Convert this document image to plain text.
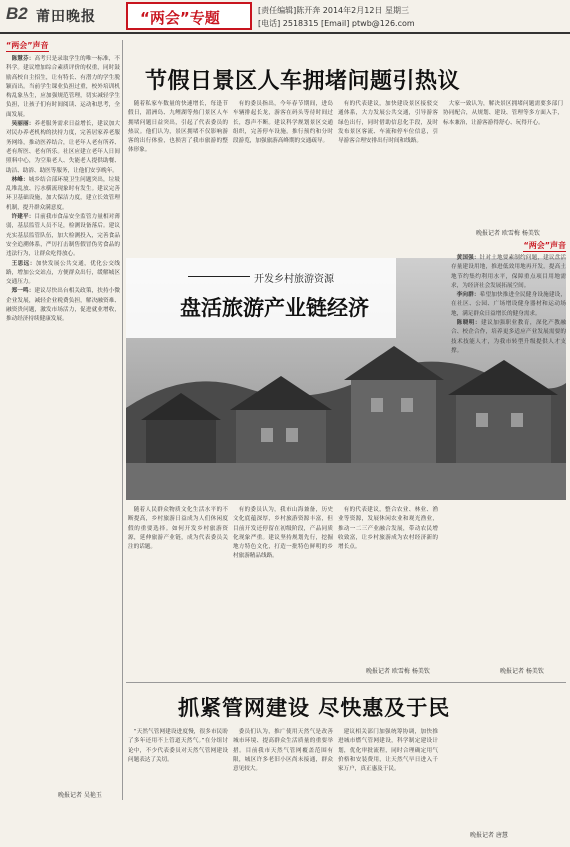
B2 莆田晚报	“两会”专题	[责任编辑]陈开奔 2014年2月12日 星期三
[电话] 2518315 [Email] ptwb@126.com
“两会”声音

陈慧芬：高考只是录取学生的唯一标准，不科学。建议增加综合素质评价的权重，同时鼓励高校自主招生，让有特长、有潜力的学生脱颖而出。当前学生课业负担过重，校外培训机构乱象丛生，应加强规范管理，切实减轻学生负担，让孩子们有时间阅读、运动和思考，全面发展。

吴丽丽：养老服务需求日益增长，建议加大对民办养老机构的扶持力度，完善居家养老服务网络，推动医养结合，让老年人老有所养、老有所医、老有所乐。社区应建立老年人日间照料中心，为空巢老人、失能老人提供助餐、助洁、助浴、助医等服务，让他们安享晚年。

林峰：城乡结合部环境卫生问题突出，垃圾乱堆乱放、污水横流现象时有发生。建议完善环卫基础设施，加大保洁力度，建立长效管理机制，提升群众满意度。

许建平：目前我市食品安全监管力量相对薄弱，基层监管人员不足，检测设备落后。建议充实基层监管队伍，加大检测投入，完善食品安全追溯体系，严厉打击制售假冒伪劣食品的违法行为，让群众吃得放心。

王思远：加快发展公共交通，优化公交线路，增加公交站点，方便群众出行，缓解城区交通压力。

郑一鸣：建议尽快出台相关政策，扶持小微企业发展，减轻企业税费负担，解决融资难、融资贵问题，激发市场活力，促进就业增收，推动经济持续健康发展。

晚报记者 吴艳玉
节假日景区人车拥堵问题引热议

随着私家车数量的快速增长，每逢节假日，湄洲岛、九鲤湖等热门景区人车拥堵问题日益突出，引起了代表委员的热议。他们认为，景区拥堵不仅影响游客的出行体验，也损害了我市旅游的整体形象。

有的委员指出，今年春节期间，进岛车辆排起长龙，游客在码头等待时间过长，怨声不断。建议科学规划景区交通组织，完善停车设施，推行预约和分时段游览，加强旅游高峰期的交通疏导。

有的代表建议，加快建设景区接驳交通体系，大力发展公共交通，引导游客绿色出行，同时借助信息化手段，及时发布景区客流、车流和停车位信息，引导游客合理安排出行时间和线路。

大家一致认为，解决景区拥堵问题需要多部门协同配合，从规划、建设、管理等多方面入手，标本兼治，让游客游得舒心、玩得开心。

晚报记者 欧雪梅 杨美钦
开发乡村旅游资源
盘活旅游产业链经济
“两会”声音

黄国强：针对土地要素制约问题，建议盘活存量建设用地，推进低效用地再开发，提高土地节约集约利用水平，保障重点项目用地需求，为经济社会发展拓展空间。

李向群：希望加快推进全民健身设施建设，在社区、公园、广场增设健身器材和运动场地，满足群众日益增长的健身需求。

陈晓明：建议加强职业教育，深化产教融合、校企合作，培养更多适应产业发展需要的技术技能人才，为我市转型升级提供人才支撑。

晚报记者 杨美钦

随着人民群众物质文化生活水平的不断提高，乡村旅游日益成为人们休闲度假的重要选择。如何开发乡村旅游资源，延伸旅游产业链，成为代表委员关注的话题。

有的委员认为，我市山海兼备，历史文化底蕴深厚，乡村旅游资源丰富，但目前开发还停留在初级阶段，产品同质化现象严重。建议坚持规划先行，挖掘地方特色文化，打造一批特色鲜明的乡村旅游精品线路。

有的代表建议，整合农业、林业、渔业等资源，发展休闲农业和观光渔业，推动一二三产业融合发展，带动农民增收致富，让乡村旅游成为农村经济新的增长点。

晚报记者 欧雪梅 杨美钦
抓紧管网建设 尽快惠及于民

“天然气管网建设进度慢，很多市民盼了多年还用不上管道天然气。”在分组讨论中，不少代表委员对天然气管网建设问题表达了关切。

委员们认为，推广使用天然气是改善城市环境、提高群众生活质量的重要举措。目前我市天然气管网覆盖范围有限，城区许多老旧小区尚未接通，群众意见较大。

建议相关部门加强统筹协调，加快推进城市燃气管网建设，科学制定建设计划，优化审批流程，同时合理确定用气价格和安装费用，让天然气早日进入千家万户，真正惠及于民。

晚报记者 唐慧
